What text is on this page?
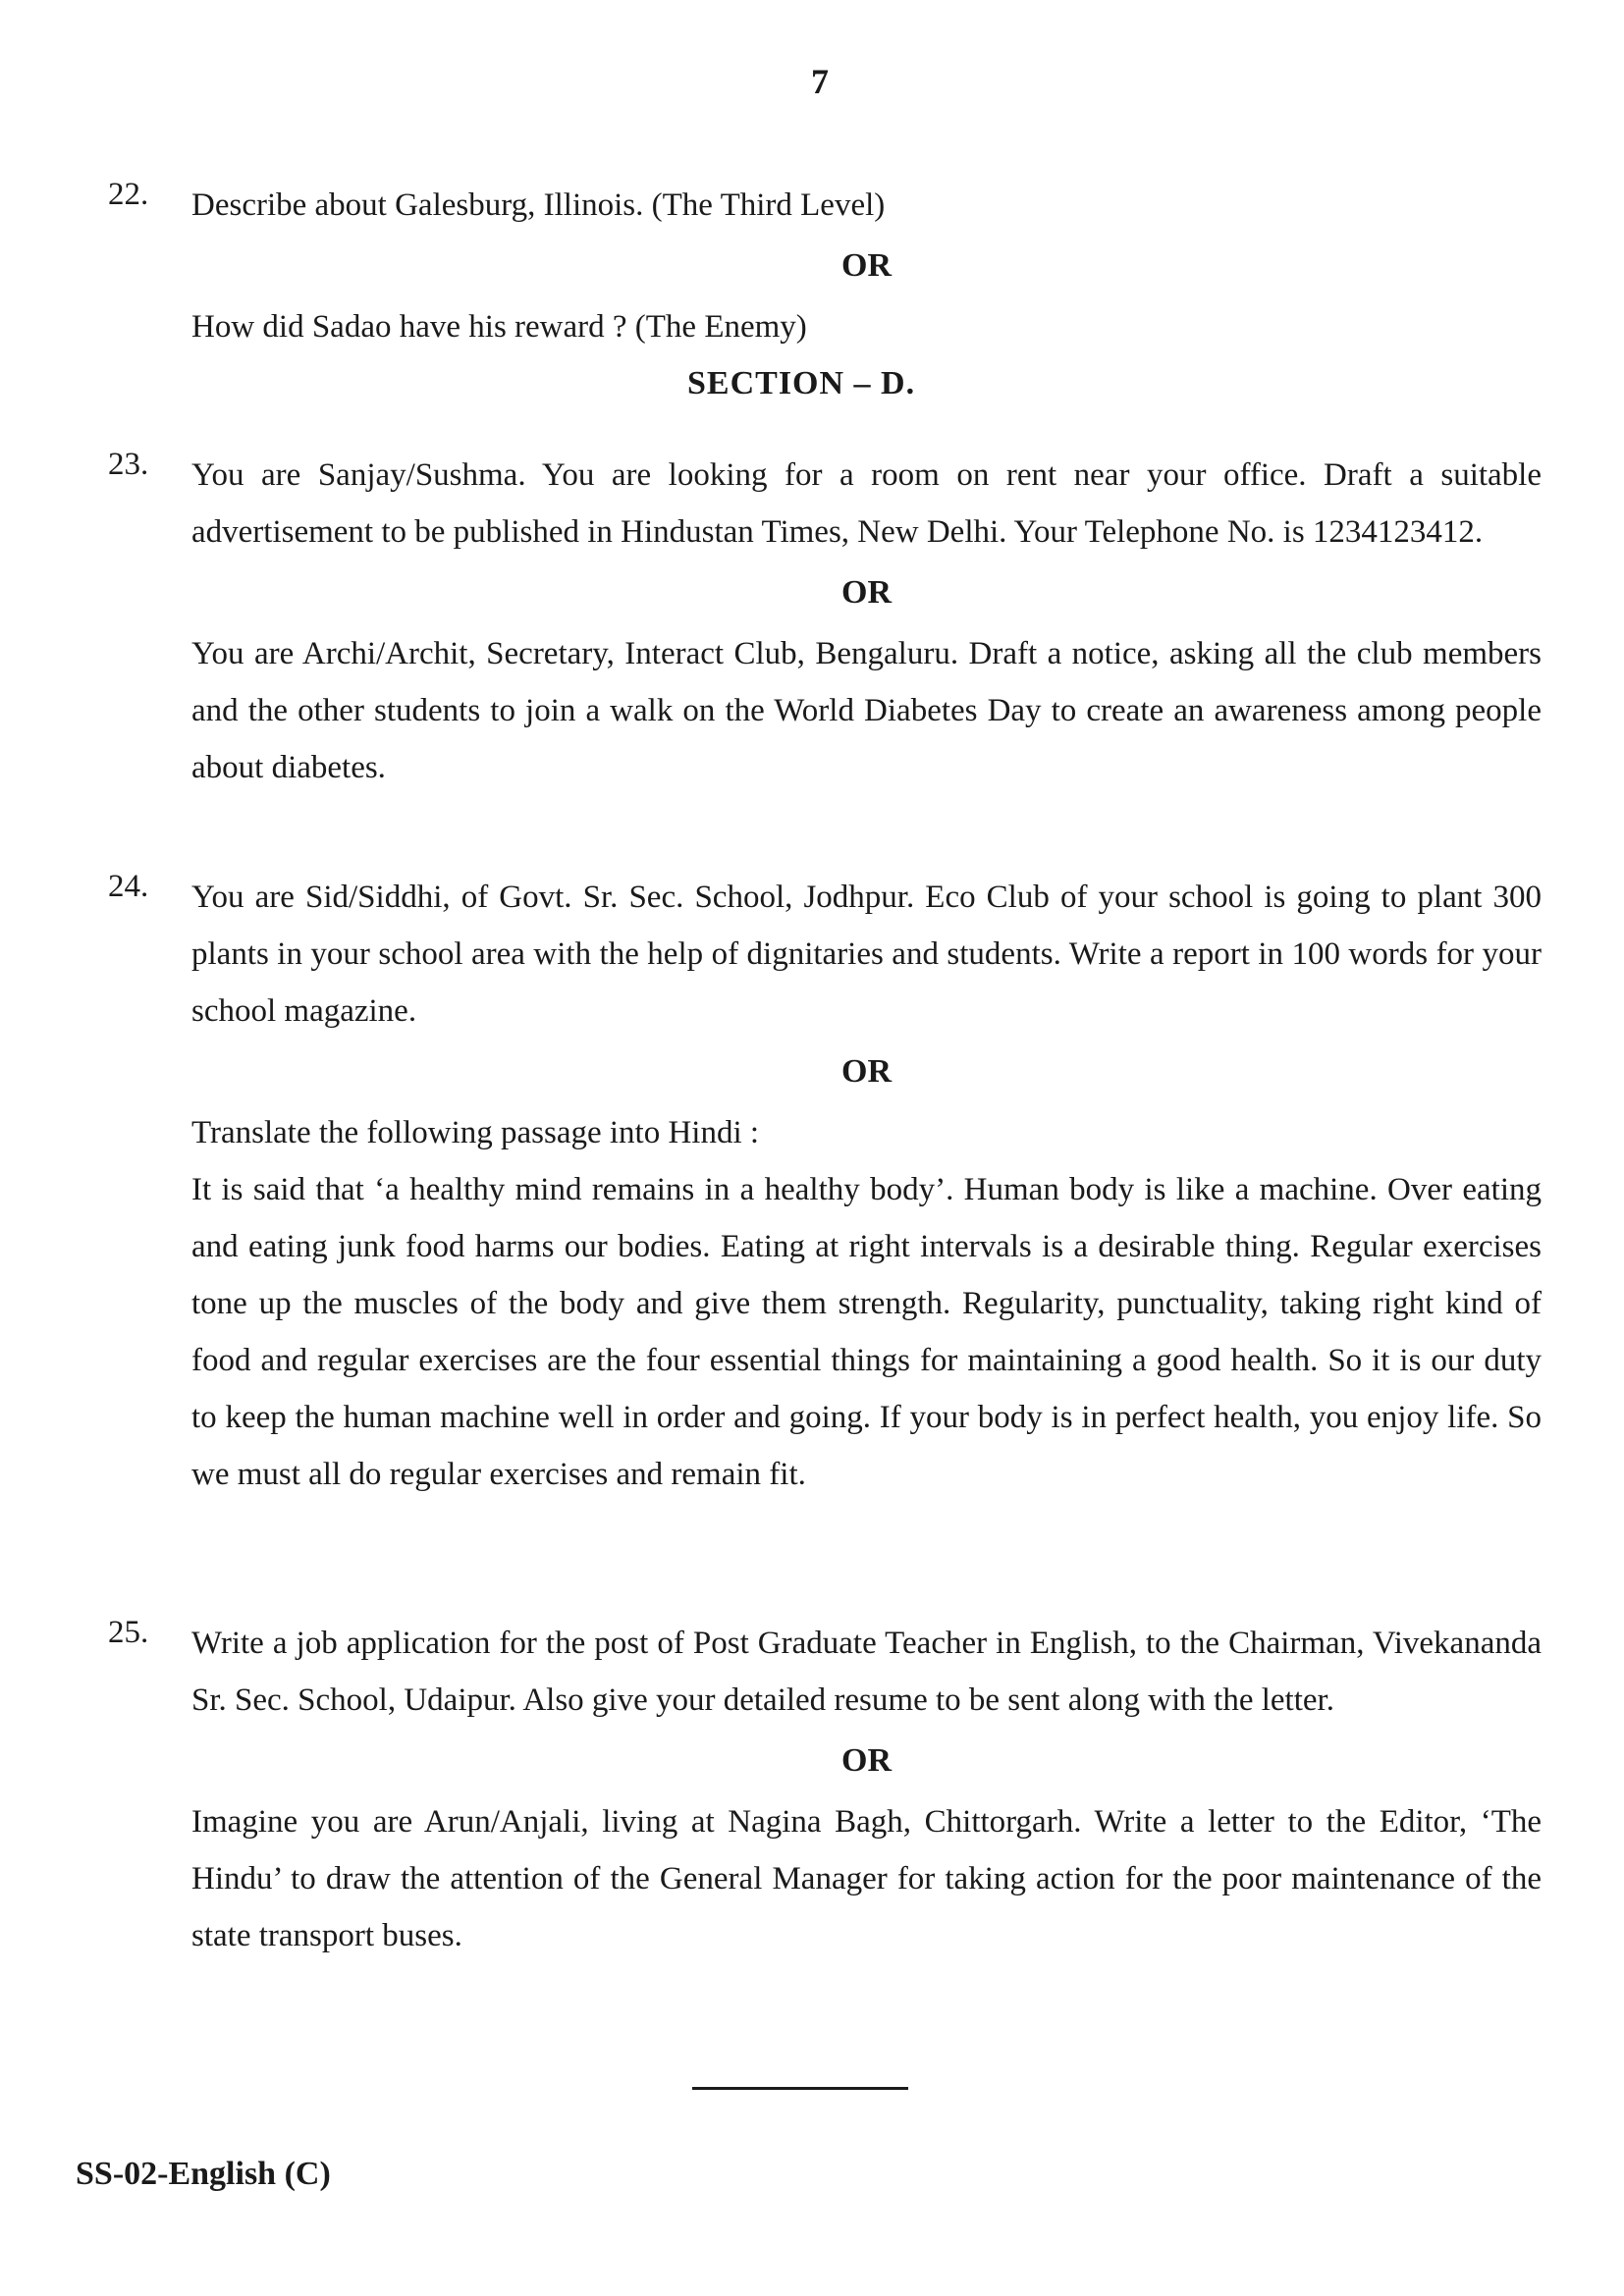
7
22. Describe about Galesburg, Illinois. (The Third Level)

OR

How did Sadao have his reward ? (The Enemy)

SECTION – D.
23. You are Sanjay/Sushma. You are looking for a room on rent near your office. Draft a suitable advertisement to be published in Hindustan Times, New Delhi. Your Telephone No. is 1234123412.

OR

You are Archi/Archit, Secretary, Interact Club, Bengaluru. Draft a notice, asking all the club members and the other students to join a walk on the World Diabetes Day to create an awareness among people about diabetes.

24. You are Sid/Siddhi, of Govt. Sr. Sec. School, Jodhpur. Eco Club of your school is going to plant 300 plants in your school area with the help of dignitaries and students. Write a report in 100 words for your school magazine.

OR

Translate the following passage into Hindi :

It is said that ‘a healthy mind remains in a healthy body’. Human body is like a machine. Over eating and eating junk food harms our bodies. Eating at right intervals is a desirable thing. Regular exercises tone up the muscles of the body and give them strength. Regularity, punctuality, taking right kind of food and regular exercises are the four essential things for maintaining a good health. So it is our duty to keep the human machine well in order and going. If your body is in perfect health, you enjoy life. So we must all do regular exercises and remain fit.

25. Write a job application for the post of Post Graduate Teacher in English, to the Chairman, Vivekananda Sr. Sec. School, Udaipur. Also give your detailed resume to be sent along with the letter.

OR

Imagine you are Arun/Anjali, living at Nagina Bagh, Chittorgarh. Write a letter to the Editor, ‘The Hindu’ to draw the attention of the General Manager for taking action for the poor maintenance of the state transport buses.

SS-02-English (C)
